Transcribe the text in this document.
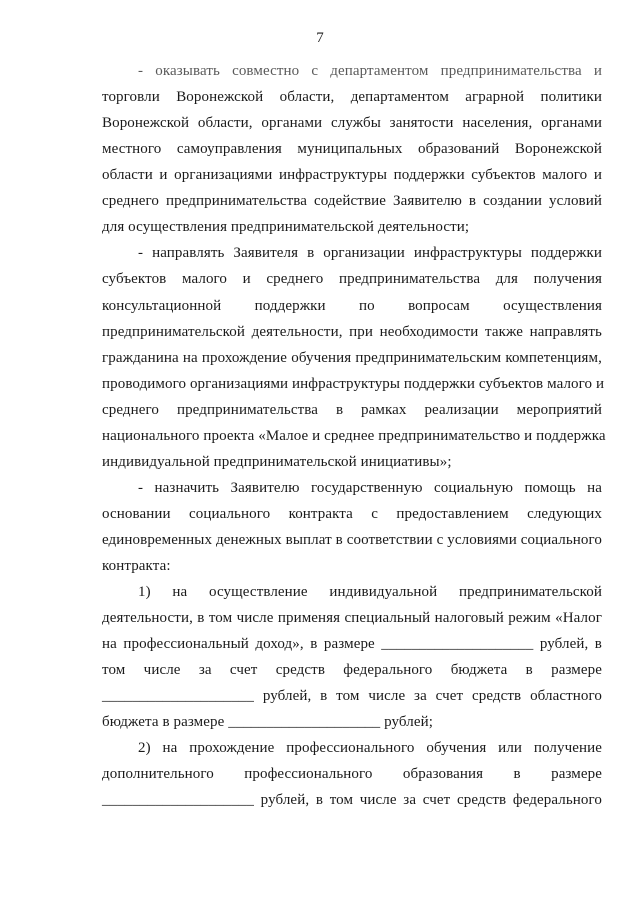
7
- оказывать совместно с департаментом предпринимательства и
торговли Воронежской области, департаментом аграрной политики
Воронежской области, органами службы занятости населения, органами
местного самоуправления муниципальных образований Воронежской
области и организациями инфраструктуры поддержки субъектов малого и
среднего предпринимательства содействие Заявителю в создании условий
для осуществления предпринимательской деятельности;
- направлять Заявителя в организации инфраструктуры поддержки
субъектов малого и среднего предпринимательства для получения
консультационной поддержки по вопросам осуществления
предпринимательской деятельности, при необходимости также направлять
гражданина на прохождение обучения предпринимательским компетенциям,
проводимого организациями инфраструктуры поддержки субъектов малого и
среднего предпринимательства в рамках реализации мероприятий
национального проекта «Малое и среднее предпринимательство и поддержка
индивидуальной предпринимательской инициативы»;
- назначить Заявителю государственную социальную помощь на
основании социального контракта с предоставлением следующих
единовременных денежных выплат в соответствии с условиями социального
контракта:
1) на осуществление индивидуальной предпринимательской
деятельности, в том числе применяя специальный налоговый режим «Налог
на профессиональный доход», в размере ____________________ рублей, в
том числе за счет средств федерального бюджета в размере
____________________ рублей, в том числе за счет средств областного
бюджета в размере ____________________ рублей;
2) на прохождение профессионального обучения или получение
дополнительного профессионального образования в размере
____________________ рублей, в том числе за счет средств федерального
